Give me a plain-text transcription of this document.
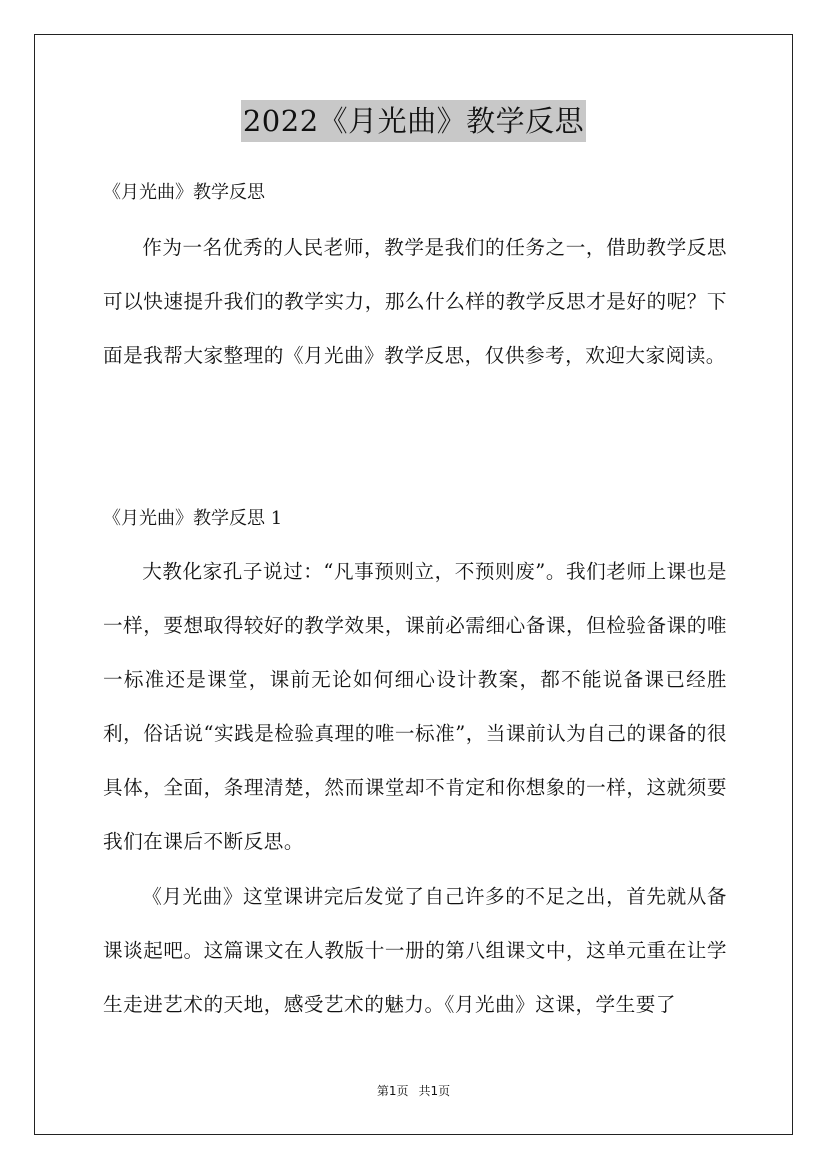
2022《月光曲》教学反思
《月光曲》教学反思

作为一名优秀的人民老师，教学是我们的任务之一，借助教学反思可以快速提升我们的教学实力，那么什么样的教学反思才是好的呢？下面是我帮大家整理的《月光曲》教学反思，仅供参考，欢迎大家阅读。

《月光曲》教学反思 1

大教化家孔子说过：“凡事预则立，不预则废”。我们老师上课也是一样，要想取得较好的教学效果，课前必需细心备课，但检验备课的唯一标准还是课堂，课前无论如何细心设计教案，都不能说备课已经胜利，俗话说“实践是检验真理的唯一标准”，当课前认为自己的课备的很具体，全面，条理清楚，然而课堂却不肯定和你想象的一样，这就须要我们在课后不断反思。

《月光曲》这堂课讲完后发觉了自己许多的不足之出，首先就从备课谈起吧。这篇课文在人教版十一册的第八组课文中，这单元重在让学生走进艺术的天地，感受艺术的魅力。《月光曲》这课，学生要了

第1页 共1页
